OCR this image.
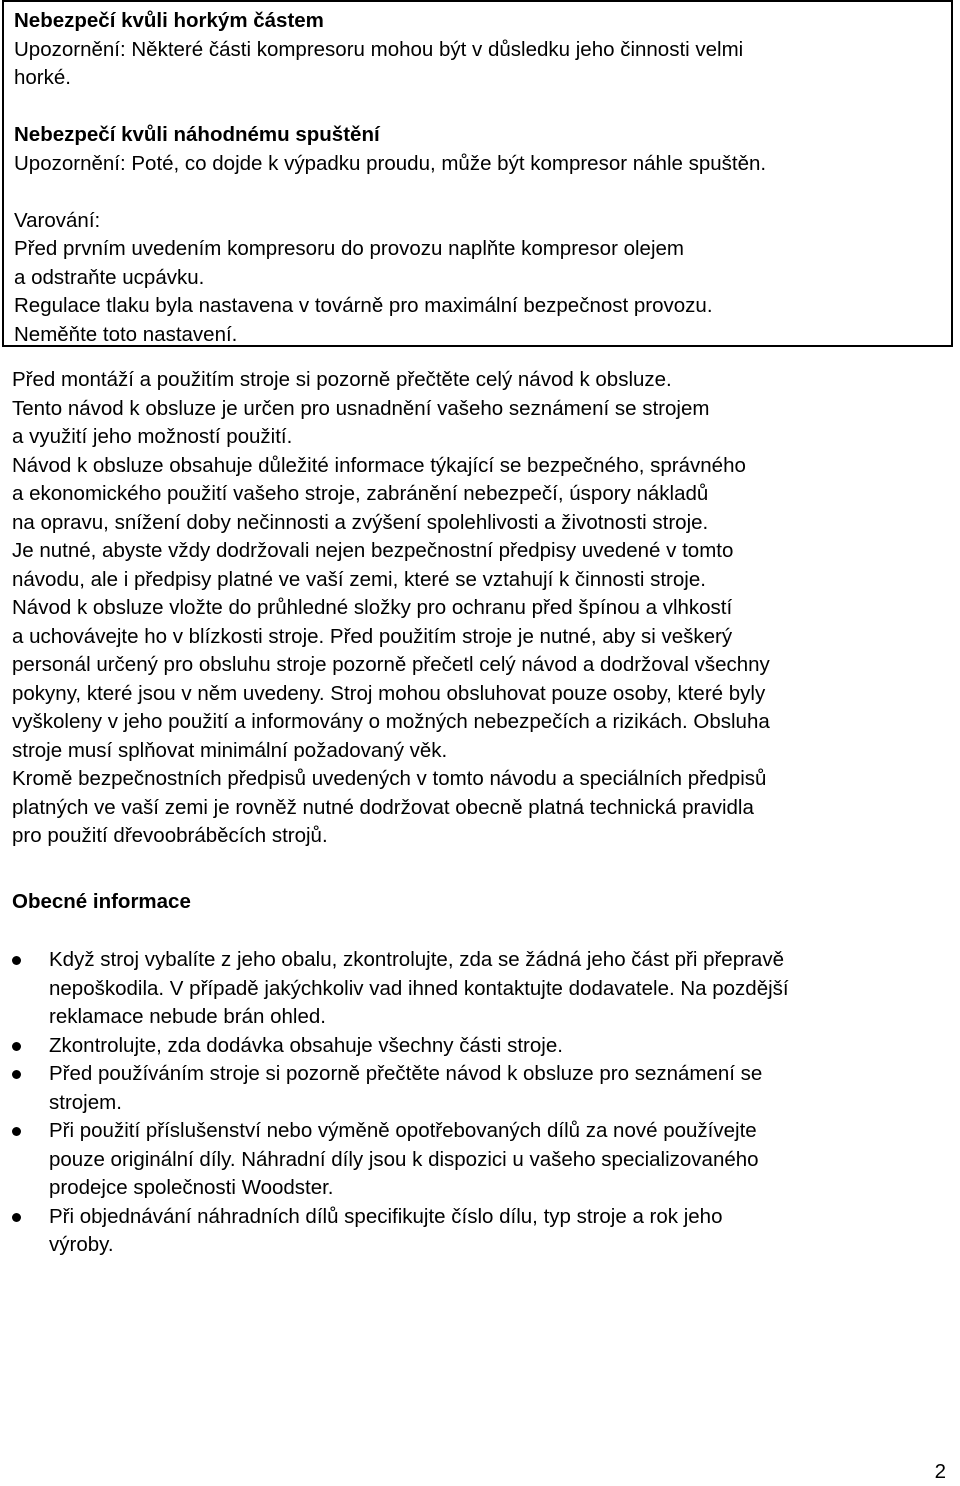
Nebezpečí kvůli horkým částem

Upozornění: Některé části kompresoru mohou být v důsledku jeho činnosti velmi

horké.

Nebezpečí kvůli náhodnému spuštění

Upozornění: Poté, co dojde k výpadku proudu, může být kompresor náhle spuštěn.

Varování:

Před prvním uvedením kompresoru do provozu naplňte kompresor olejem

a odstraňte ucpávku.

Regulace tlaku byla nastavena v továrně pro maximální bezpečnost provozu.

Neměňte toto nastavení.

Před montáží a použitím stroje si pozorně přečtěte celý návod k obsluze.

Tento návod k obsluze je určen pro usnadnění vašeho seznámení se strojem

a využití jeho možností použití.

Návod k obsluze obsahuje důležité informace týkající se bezpečného, správného

a ekonomického použití vašeho stroje, zabránění nebezpečí, úspory nákladů

na opravu, snížení doby nečinnosti a zvýšení spolehlivosti a životnosti stroje.

Je nutné, abyste vždy dodržovali nejen bezpečnostní předpisy uvedené v tomto

návodu, ale i předpisy platné ve vaší zemi, které se vztahují k činnosti stroje.

Návod k obsluze vložte do průhledné složky pro ochranu před špínou a vlhkostí

a uchovávejte ho v blízkosti stroje. Před použitím stroje je nutné, aby si veškerý

personál určený pro obsluhu stroje pozorně přečetl celý návod a dodržoval všechny

pokyny, které jsou v něm uvedeny. Stroj mohou obsluhovat pouze osoby, které byly

vyškoleny v jeho použití a informovány o možných nebezpečích a rizikách. Obsluha

stroje musí splňovat minimální požadovaný věk.

Kromě bezpečnostních předpisů uvedených v tomto návodu a speciálních předpisů

platných ve vaší zemi je rovněž nutné dodržovat obecně platná technická pravidla

pro použití dřevoobráběcích strojů.

Obecné informace
Když stroj vybalíte z jeho obalu, zkontrolujte, zda se žádná jeho část při přepravě
nepoškodila. V případě jakýchkoliv vad ihned kontaktujte dodavatele. Na pozdější
reklamace nebude brán ohled.
Zkontrolujte, zda dodávka obsahuje všechny části stroje.
Před používáním stroje si pozorně přečtěte návod k obsluze pro seznámení se
strojem.
Při použití příslušenství nebo výměně opotřebovaných dílů za nové používejte
pouze originální díly. Náhradní díly jsou k dispozici u vašeho specializovaného
prodejce společnosti Woodster.
Při objednávání náhradních dílů specifikujte číslo dílu, typ stroje a rok jeho
výroby.
2
